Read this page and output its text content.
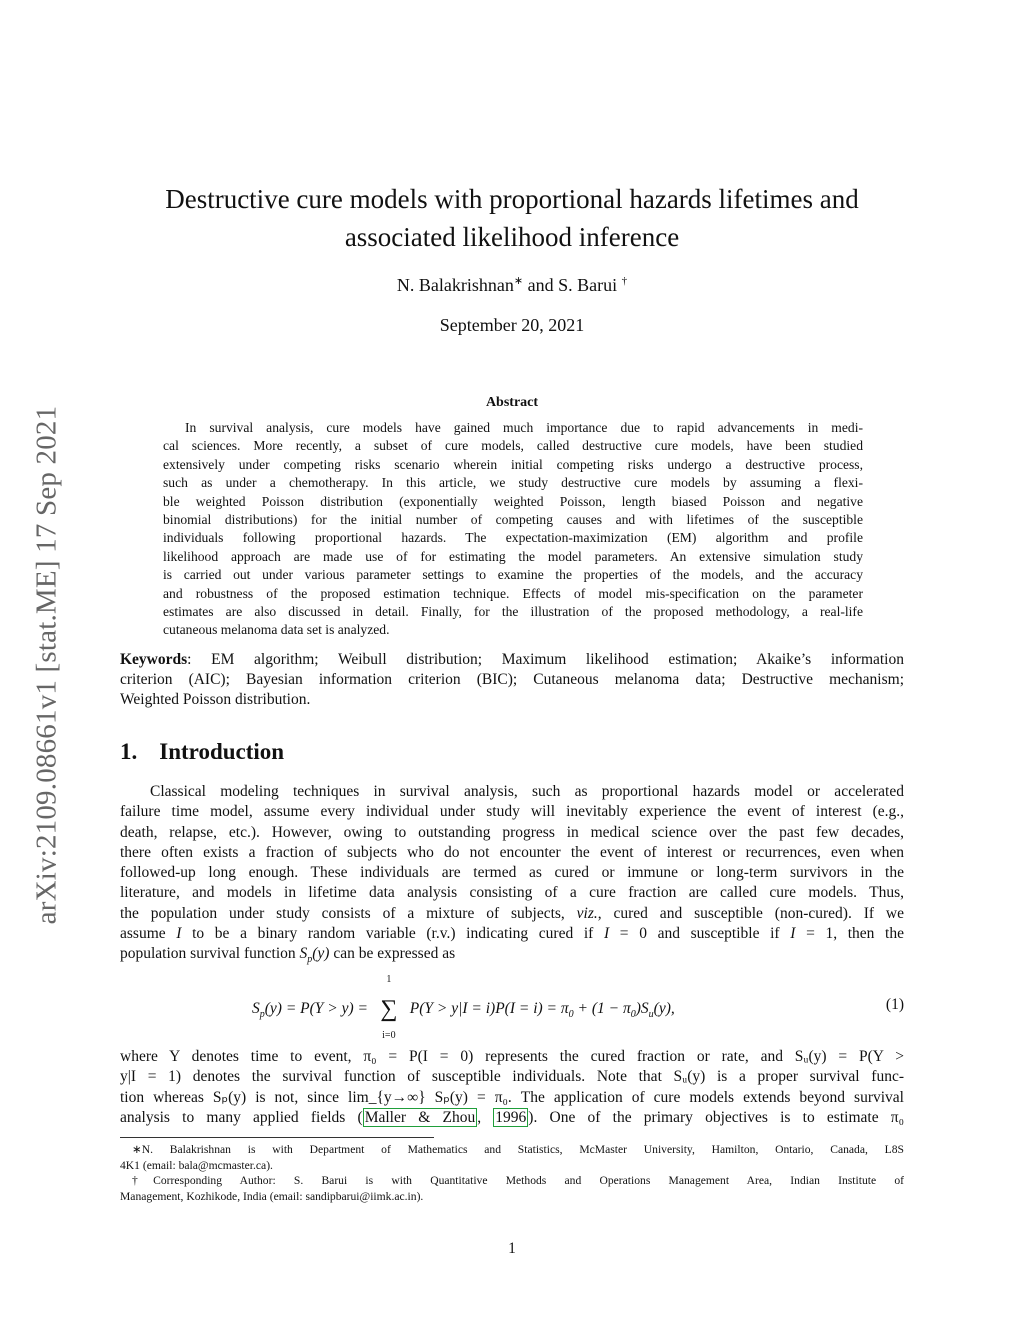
arXiv:2109.08661v1 [stat.ME] 17 Sep 2021
Destructive cure models with proportional hazards lifetimes and
associated likelihood inference
N. Balakrishnan∗ and S. Barui †
September 20, 2021
Abstract
In survival analysis, cure models have gained much importance due to rapid advancements in medi-
cal sciences. More recently, a subset of cure models, called destructive cure models, have been studied
extensively under competing risks scenario wherein initial competing risks undergo a destructive process,
such as under a chemotherapy. In this article, we study destructive cure models by assuming a flexi-
ble weighted Poisson distribution (exponentially weighted Poisson, length biased Poisson and negative
binomial distributions) for the initial number of competing causes and with lifetimes of the susceptible
individuals following proportional hazards. The expectation-maximization (EM) algorithm and profile
likelihood approach are made use of for estimating the model parameters. An extensive simulation study
is carried out under various parameter settings to examine the properties of the models, and the accuracy
and robustness of the proposed estimation technique. Effects of model mis-specification on the parameter
estimates are also discussed in detail. Finally, for the illustration of the proposed methodology, a real-life
cutaneous melanoma data set is analyzed.
Keywords: EM algorithm; Weibull distribution; Maximum likelihood estimation; Akaike’s information
criterion (AIC); Bayesian information criterion (BIC); Cutaneous melanoma data; Destructive mechanism;
Weighted Poisson distribution.
1. Introduction
Classical modeling techniques in survival analysis, such as proportional hazards model or accelerated
failure time model, assume every individual under study will inevitably experience the event of interest (e.g.,
death, relapse, etc.). However, owing to outstanding progress in medical science over the past few decades,
there often exists a fraction of subjects who do not encounter the event of interest or recurrences, even when
followed-up long enough. These individuals are termed as cured or immune or long-term survivors in the
literature, and models in lifetime data analysis consisting of a cure fraction are called cure models. Thus,
the population under study consists of a mixture of subjects, viz., cured and susceptible (non-cured). If we
assume I to be a binary random variable (r.v.) indicating cured if I = 0 and susceptible if I = 1, then the
population survival function $S_p(y)$ can be expressed as
$S_p(y) = P(Y > y)$ =
1
∑
i=0
$P(Y > y|I = i)P(I = i) = \pi_0 + (1 - \pi_0)S_u(y)$,	(1)
where Y denotes time to event, π₀ = P(I = 0) represents the cured fraction or rate, and Sᵤ(y) = P(Y >
y|I = 1) denotes the survival function of susceptible individuals. Note that Sᵤ(y) is a proper survival func-
tion whereas Sₚ(y) is not, since lim_{y→∞} Sₚ(y) = π₀. The application of cure models extends beyond survival
analysis to many applied fields ( Maller & Zhou , 1996 ). One of the primary objectives is to estimate π₀
∗N. Balakrishnan is with Department of Mathematics and Statistics, McMaster University, Hamilton, Ontario, Canada, L8S
4K1 (email: bala@mcmaster.ca).
†Corresponding Author: S. Barui is with Quantitative Methods and Operations Management Area, Indian Institute of
Management, Kozhikode, India (email: sandipbarui@iimk.ac.in).
1
